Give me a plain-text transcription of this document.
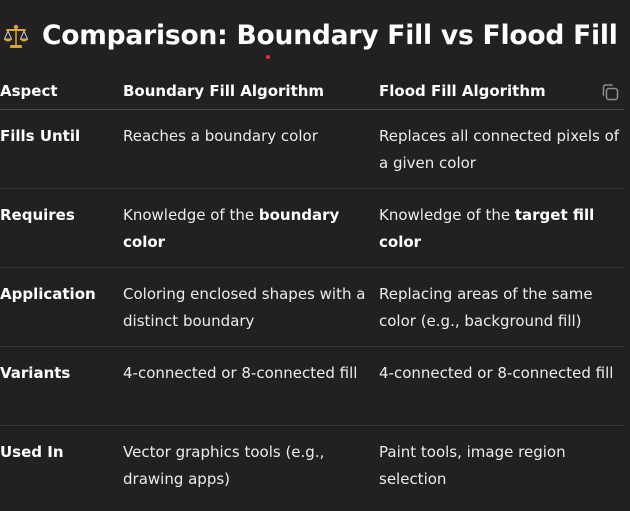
Comparison: Boundary Fill vs Flood Fill
Aspect	Boundary Fill Algorithm	Flood Fill Algorithm
Fills Until	Reaches a boundary color	Replaces all connected pixels of a given color
Requires	Knowledge of the boundary color	Knowledge of the target fill color
Application	Coloring enclosed shapes with a distinct boundary	Replacing areas of the same color (e.g., background fill)
Variants	4-connected or 8-connected fill	4-connected or 8-connected fill
Used In	Vector graphics tools (e.g., drawing apps)	Paint tools, image region selection
